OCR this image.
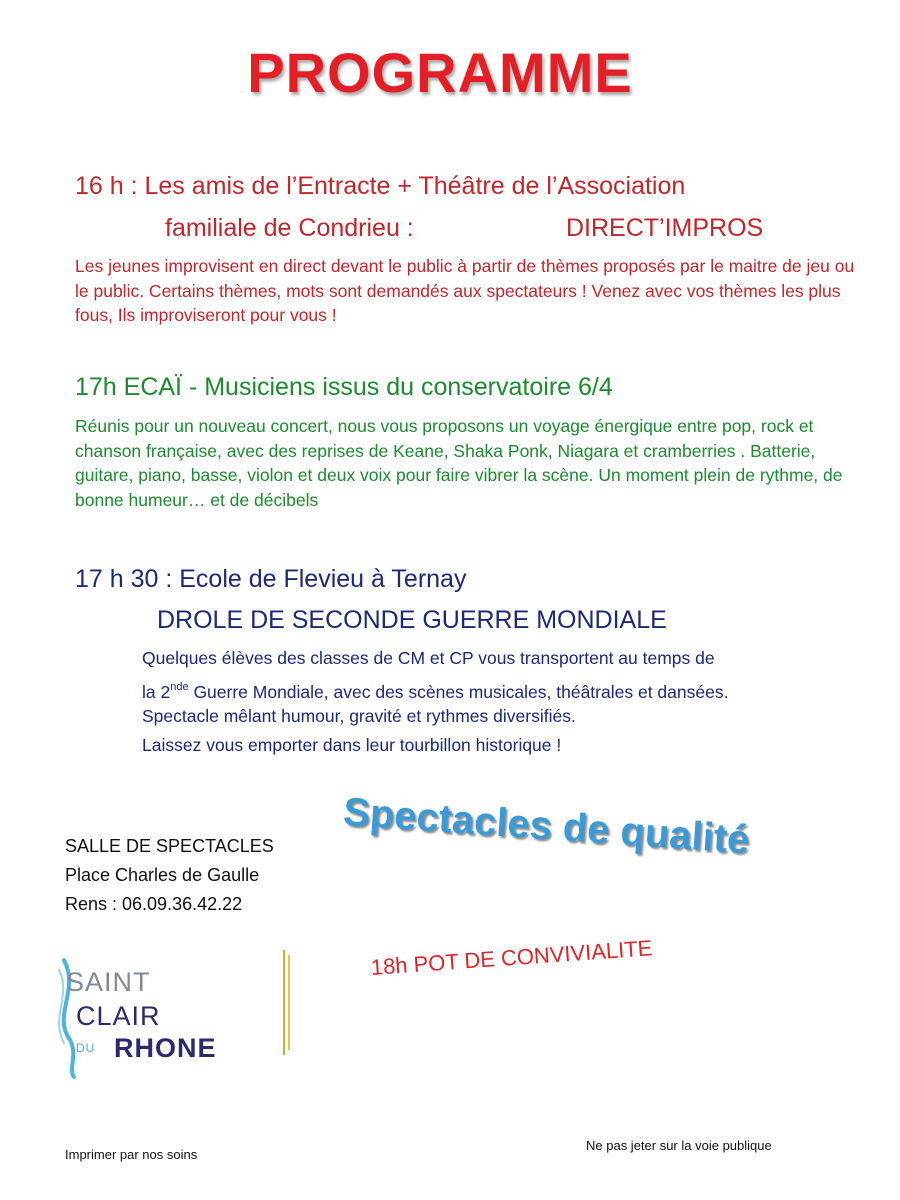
PROGRAMME
16 h : Les amis de l’Entracte + Théâtre de l’Association
familiale de Condrieu :	DIRECT’IMPROS
Les jeunes improvisent en direct devant le public à partir de thèmes proposés par le maitre de jeu ou le public. Certains thèmes, mots sont demandés aux spectateurs ! Venez avec vos thèmes les plus fous, Ils improviseront pour vous !
17h ECAÏ - Musiciens issus du conservatoire 6/4
Réunis pour un nouveau concert, nous vous proposons un voyage énergique entre pop, rock et chanson française, avec des reprises de Keane, Shaka Ponk, Niagara et cramberries . Batterie, guitare, piano, basse, violon et deux voix pour faire vibrer la scène. Un moment plein de rythme, de bonne humeur… et de décibels
17 h 30 : Ecole de Flevieu à Ternay
DROLE DE SECONDE GUERRE MONDIALE
Quelques élèves des classes de CM et CP vous transportent au temps de
la 2nde Guerre Mondiale, avec des scènes musicales, théâtrales et dansées.
Spectacle mêlant humour, gravité et rythmes diversifiés.
Laissez vous emporter dans leur tourbillon historique !
Spectacles de qualité
SALLE DE SPECTACLES
Place Charles de Gaulle
Rens : 06.09.36.42.22
18h POT DE CONVIVIALITE
SAINT
CLAIR
DU RHONE
Imprimer par nos soins
Ne pas jeter sur la voie publique
